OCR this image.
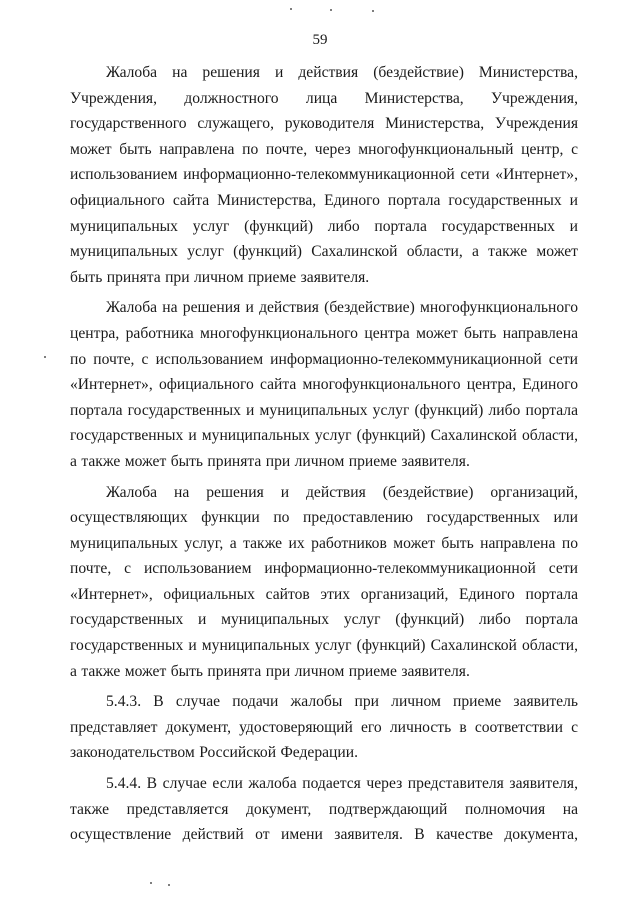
59

Жалоба на решения и действия (бездействие) Министерства, Учреждения, должностного лица Министерства, Учреждения, государственного служащего, руководителя Министерства, Учреждения может быть направлена по почте, через многофункциональный центр, с использованием информационно-телекоммуникационной сети «Интернет», официального сайта Министерства, Единого портала государственных и муниципальных услуг (функций) либо портала государственных и муниципальных услуг (функций) Сахалинской области, а также может быть принята при личном приеме заявителя.

Жалоба на решения и действия (бездействие) многофункционального центра, работника многофункционального центра может быть направлена по почте, с использованием информационно-телекоммуникационной сети «Интернет», официального сайта многофункционального центра, Единого портала государственных и муниципальных услуг (функций) либо портала государственных и муниципальных услуг (функций) Сахалинской области, а также может быть принята при личном приеме заявителя.

Жалоба на решения и действия (бездействие) организаций, осуществляющих функции по предоставлению государственных или муниципальных услуг, а также их работников может быть направлена по почте, с использованием информационно-телекоммуникационной сети «Интернет», официальных сайтов этих организаций, Единого портала государственных и муниципальных услуг (функций) либо портала государственных и муниципальных услуг (функций) Сахалинской области, а также может быть принята при личном приеме заявителя.

5.4.3. В случае подачи жалобы при личном приеме заявитель представляет документ, удостоверяющий его личность в соответствии с законодательством Российской Федерации.

5.4.4. В случае если жалоба подается через представителя заявителя, также представляется документ, подтверждающий полномочия на осуществление действий от имени заявителя. В качестве документа,
